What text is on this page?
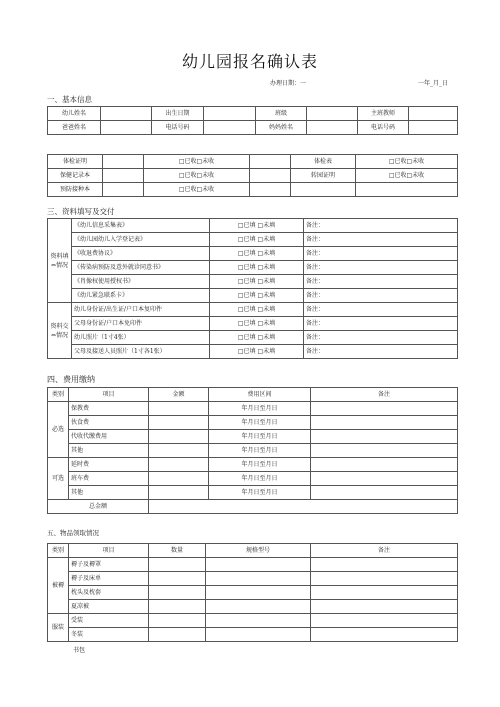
幼儿园报名确认表
办理日期：一	一年_月_日
一、基本信息
幼儿姓名		出生日期		班级		主班教师	
爸爸姓名		电话号码		妈妈姓名		电话号码	
体检证明		□已收□未收		体检表	□已收□未收
保健记录本		□已收□未收		转园证明	□已收□未收
预防接种本		□已收□未收			
三、资料填写及交付
资料填⇔情况	《幼儿信息采集表》	□已填 □未填	备注：
	《幼儿园幼儿入学登记表》	□已填 □未填	备注：
	《收退费协议》	□已填 □未填	备注：
	《传染病预防及意外就诊同意书》	□已填 □未填	备注：
	《肖像权使用授权书》	□已填 □未填	备注：
	《幼儿紧急联系卡》	□已填 □未填	备注：
资料交⇔情况	幼儿身份证/出生证/户口本复印件	□已填 □未填	备注：
	父母身份证/户口本免印件	□已填 □未填	备注：
	幼儿照片（1寸4张）	□已填 □未填	备注：
	父母及接送人员照片（1寸各1张）	□已填 □未填	备注：
四、费用缴纳
类别	项目	金额	费用区间	备注
必选	保教费		年月日至月日	
	伙食费		年月日至月日	
	代收代缴费用		年月日至月日	
	其他		年月日至月日	
可选	延时费		年月日至月日	
	班车费		年月日至月日	
	其他		年月日至月日	
总金额				
五、物品领取情况
类别	项目	数量	规格型号	备注
被褥	褥子及褥罩			
	褥子及床单			
	枕头及枕套			
	夏凉被			
服装	受装			
	冬装			
书包
